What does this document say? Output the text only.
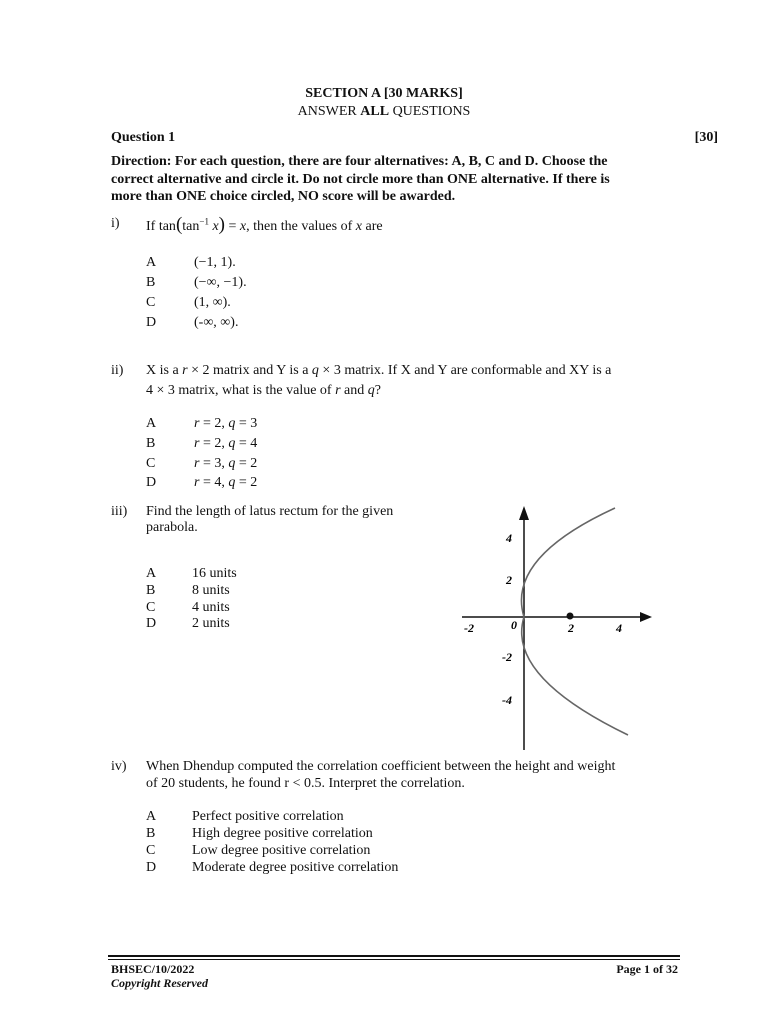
SECTION A [30 MARKS]
ANSWER ALL QUESTIONS
Question 1	[30]
Direction: For each question, there are four alternatives: A, B, C and D. Choose the
correct alternative and circle it. Do not circle more than ONE alternative. If there is
more than ONE choice circled, NO score will be awarded.
i) If $\tan(\tan^{-1}$ x) = x, then the values of x are
A	(−1, 1).
B	(−∞, −1).
C	(1, ∞).
D	(-∞, ∞).
ii) X is a r × 2 matrix and Y is a q × 3 matrix. If X and Y are conformable and XY is a
4 × 3 matrix, what is the value of r and q?
A	r = 2, q = 3
B	r = 2, q = 4
C	r = 3, q = 2
D	r = 4, q = 2
iii) Find the length of latus rectum for the given
parabola.
A	16 units
B	8 units
C	4 units
D	2 units	-2	0	2	4
4
2
-2
-4
iv) When Dhendup computed the correlation coefficient between the height and weight
of 20 students, he found r < 0.5. Interpret the correlation.
A	Perfect positive correlation
B	High degree positive correlation
C	Low degree positive correlation
D	Moderate degree positive correlation
BHSEC/10/2022
Copyright Reserved
Page 1 of 32
